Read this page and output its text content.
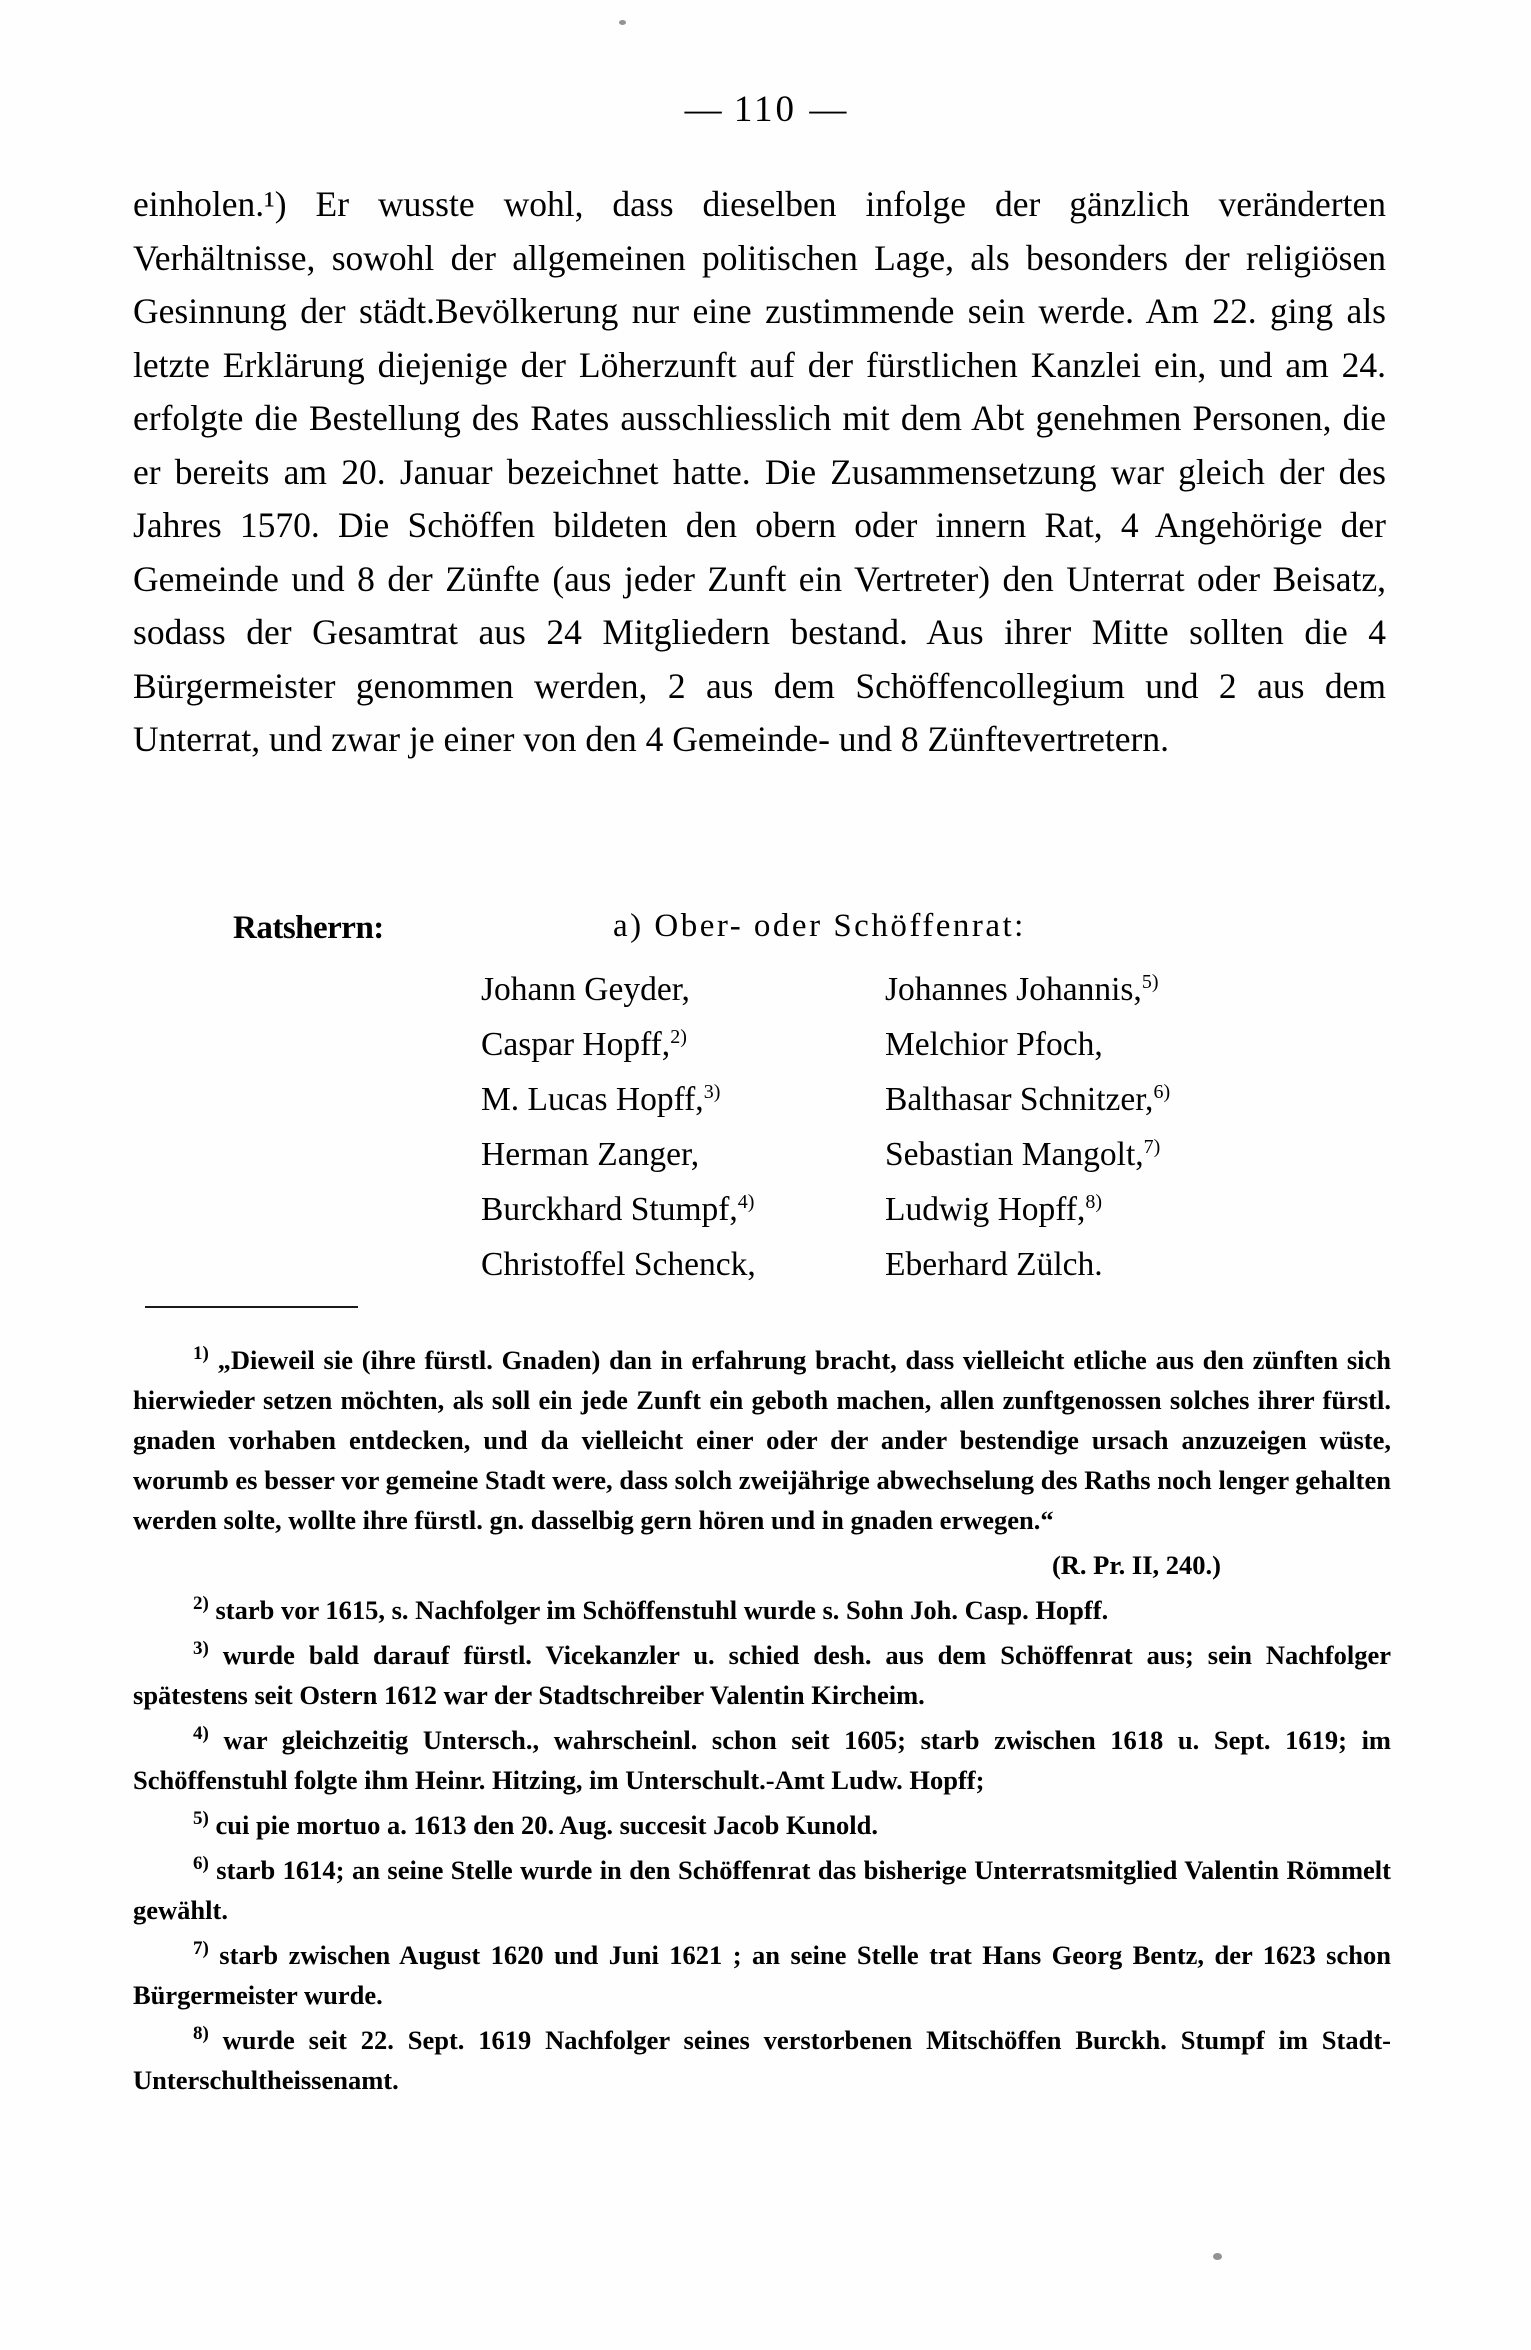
— 110 —

einholen.¹) Er wusste wohl, dass dieselben infolge der gänzlich veränderten Verhältnisse, sowohl der allgemeinen politischen Lage, als besonders der religiösen Gesinnung der städt.Bevölkerung nur eine zustimmende sein werde. Am 22. ging als letzte Erklärung diejenige der Löherzunft auf der fürstlichen Kanzlei ein, und am 24. erfolgte die Bestellung des Rates ausschliesslich mit dem Abt genehmen Personen, die er bereits am 20. Januar bezeichnet hatte. Die Zusammensetzung war gleich der des Jahres 1570. Die Schöffen bildeten den obern oder innern Rat, 4 Angehörige der Gemeinde und 8 der Zünfte (aus jeder Zunft ein Vertreter) den Unterrat oder Beisatz, sodass der Gesamtrat aus 24 Mitgliedern bestand. Aus ihrer Mitte sollten die 4 Bürgermeister genommen werden, 2 aus dem Schöffencollegium und 2 aus dem Unterrat, und zwar je einer von den 4 Gemeinde- und 8 Zünftevertretern.

Ratsherrn:	a) Ober- oder Schöffenrat:
Johann Geyder,	Johannes Johannis,$^{5)}$
Caspar Hopff,$^{2)}$	Melchior Pfoch,
M. Lucas Hopff,$^{3)}$	Balthasar Schnitzer,$^{6)}$
Herman Zanger,	Sebastian Mangolt,$^{7)}$
Burckhard Stumpf,$^{4)}$	Ludwig Hopff,$^{8)}$
Christoffel Schenck,	Eberhard Zülch.

$^{1)}$ „Dieweil sie (ihre fürstl. Gnaden) dan in erfahrung bracht, dass vielleicht etliche aus den zünften sich hierwieder setzen möchten, als soll ein jede Zunft ein geboth machen, allen zunftgenossen solches ihrer fürstl. gnaden vorhaben entdecken, und da vielleicht einer oder der ander bestendige ursach anzuzeigen wüste, worumb es besser vor gemeine Stadt were, dass solch zweijährige abwechselung des Raths noch lenger gehalten werden solte, wollte ihre fürstl. gn. dasselbig gern hören und in gnaden erwegen.“

(R. Pr. II, 240.)

$^{2)}$ starb vor 1615, s. Nachfolger im Schöffenstuhl wurde s. Sohn Joh. Casp. Hopff.

$^{3)}$ wurde bald darauf fürstl. Vicekanzler u. schied desh. aus dem Schöffenrat aus; sein Nachfolger spätestens seit Ostern 1612 war der Stadtschreiber Valentin Kircheim.

$^{4)}$ war gleichzeitig Untersch., wahrscheinl. schon seit 1605; starb zwischen 1618 u. Sept. 1619; im Schöffenstuhl folgte ihm Heinr. Hitzing, im Unterschult.-Amt Ludw. Hopff;

$^{5)}$ cui pie mortuo a. 1613 den 20. Aug. succesit Jacob Kunold.

$^{6)}$ starb 1614; an seine Stelle wurde in den Schöffenrat das bisherige Unterratsmitglied Valentin Römmelt gewählt.

$^{7)}$ starb zwischen August 1620 und Juni 1621 ; an seine Stelle trat Hans Georg Bentz, der 1623 schon Bürgermeister wurde.

$^{8)}$ wurde seit 22. Sept. 1619 Nachfolger seines verstorbenen Mitschöffen Burckh. Stumpf im Stadt-Unterschultheissenamt.
